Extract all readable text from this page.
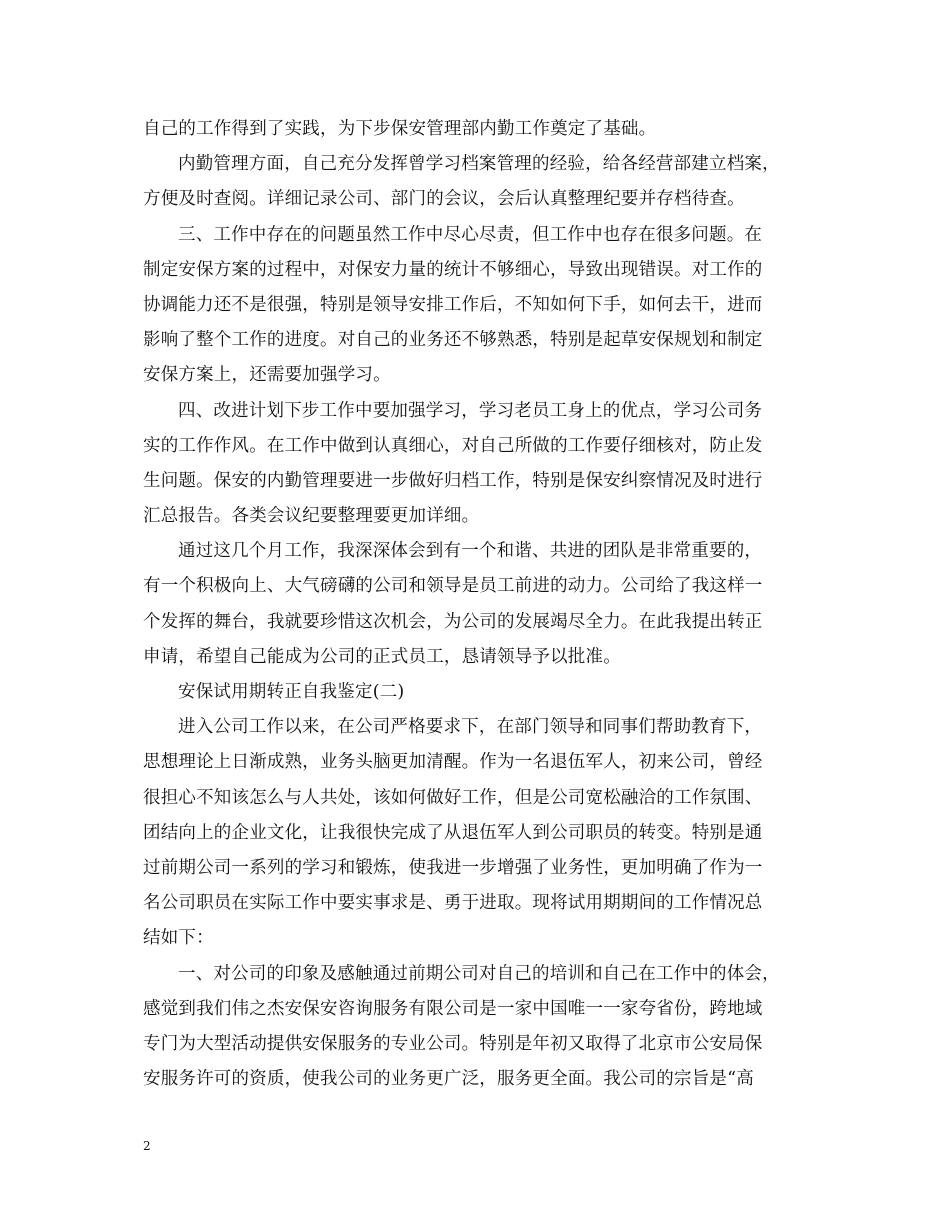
自己的工作得到了实践，为下步保安管理部内勤工作奠定了基础。
内勤管理方面，自己充分发挥曾学习档案管理的经验，给各经营部建立档案，
方便及时查阅。详细记录公司、部门的会议，会后认真整理纪要并存档待查。
三、工作中存在的问题虽然工作中尽心尽责，但工作中也存在很多问题。在
制定安保方案的过程中，对保安力量的统计不够细心，导致出现错误。对工作的
协调能力还不是很强，特别是领导安排工作后，不知如何下手，如何去干，进而
影响了整个工作的进度。对自己的业务还不够熟悉，特别是起草安保规划和制定
安保方案上，还需要加强学习。
四、改进计划下步工作中要加强学习，学习老员工身上的优点，学习公司务
实的工作作风。在工作中做到认真细心，对自己所做的工作要仔细核对，防止发
生问题。保安的内勤管理要进一步做好归档工作，特别是保安纠察情况及时进行
汇总报告。各类会议纪要整理要更加详细。
通过这几个月工作，我深深体会到有一个和谐、共进的团队是非常重要的，
有一个积极向上、大气磅礴的公司和领导是员工前进的动力。公司给了我这样一
个发挥的舞台，我就要珍惜这次机会，为公司的发展竭尽全力。在此我提出转正
申请，希望自己能成为公司的正式员工，恳请领导予以批准。
安保试用期转正自我鉴定(二)
进入公司工作以来，在公司严格要求下，在部门领导和同事们帮助教育下，
思想理论上日渐成熟，业务头脑更加清醒。作为一名退伍军人，初来公司，曾经
很担心不知该怎么与人共处，该如何做好工作，但是公司宽松融洽的工作氛围、
团结向上的企业文化，让我很快完成了从退伍军人到公司职员的转变。特别是通
过前期公司一系列的学习和锻炼，使我进一步增强了业务性，更加明确了作为一
名公司职员在实际工作中要实事求是、勇于进取。现将试用期期间的工作情况总
结如下：
一、对公司的印象及感触通过前期公司对自己的培训和自己在工作中的体会，
感觉到我们伟之杰安保安咨询服务有限公司是一家中国唯一一家夸省份，跨地域
专门为大型活动提供安保服务的专业公司。特别是年初又取得了北京市公安局保
安服务许可的资质，使我公司的业务更广泛，服务更全面。我公司的宗旨是“高
2
